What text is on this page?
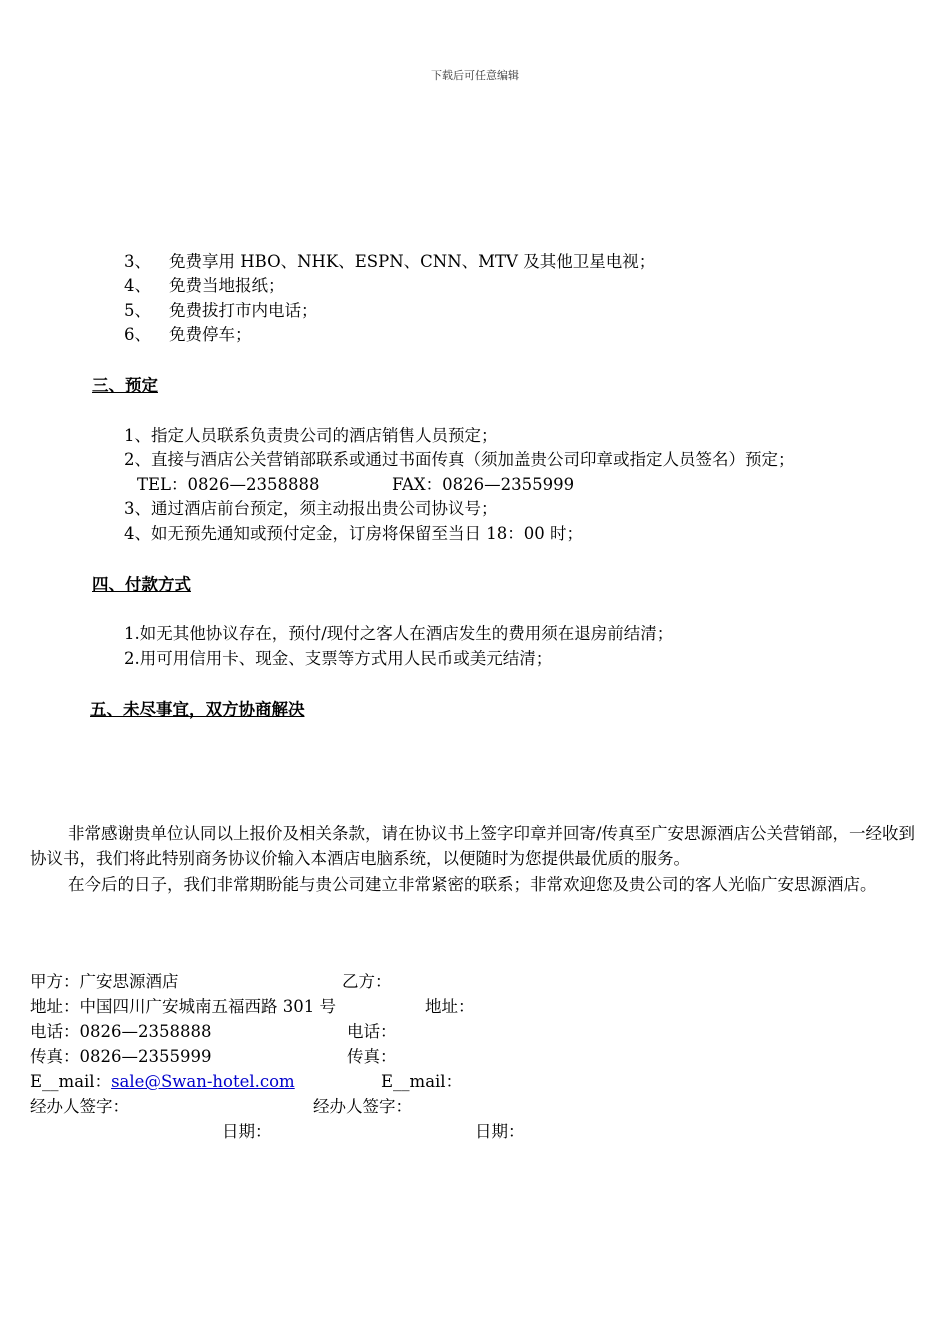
下载后可任意编辑
3、 免费享用 HBO、NHK、ESPN、CNN、MTV 及其他卫星电视；
4、 免费当地报纸；
5、 免费拔打市内电话；
6、 免费停车；
三、预定
1、指定人员联系负责贵公司的酒店销售人员预定；
2、直接与酒店公关营销部联系或通过书面传真（须加盖贵公司印章或指定人员签名）预定；
TEL：0826—2358888	FAX：0826—2355999
3、通过酒店前台预定，须主动报出贵公司协议号；
4、如无预先通知或预付定金，订房将保留至当日 18：00 时；
四、付款方式
1.如无其他协议存在，预付/现付之客人在酒店发生的费用须在退房前结清；
2.用可用信用卡、现金、支票等方式用人民币或美元结清；
五、未尽事宜，双方协商解决
非常感谢贵单位认同以上报价及相关条款，请在协议书上签字印章并回寄/传真至广安思源酒店公关营销部，一经收到协议书，我们将此特别商务协议价输入本酒店电脑系统，以便随时为您提供最优质的服务。
在今后的日子，我们非常期盼能与贵公司建立非常紧密的联系；非常欢迎您及贵公司的客人光临广安思源酒店。
甲方：广安思源酒店	乙方：
地址：中国四川广安城南五福西路 301 号	地址：
电话：0826—2358888	电话：
传真：0826—2355999	传真：
E__mail：sale@Swan-hotel.com	E__mail：
经办人签字：	经办人签字：
日期：	日期：
